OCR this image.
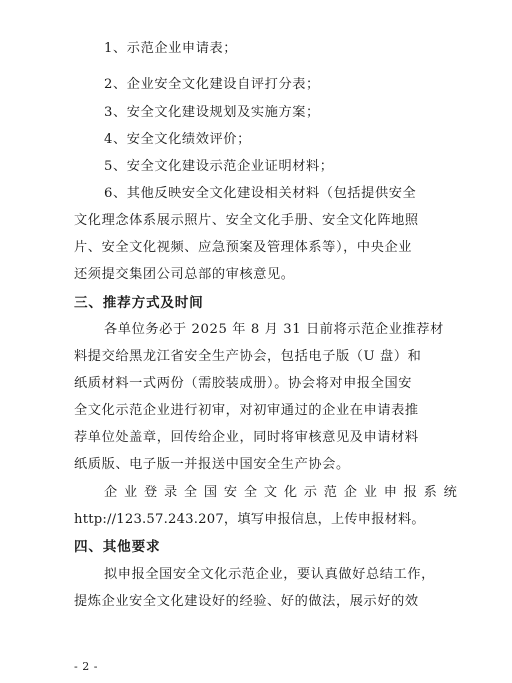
1、示范企业申请表；
2、企业安全文化建设自评打分表；
3、安全文化建设规划及实施方案；
4、安全文化绩效评价；
5、安全文化建设示范企业证明材料；
6、其他反映安全文化建设相关材料（包括提供安全
文化理念体系展示照片、安全文化手册、安全文化阵地照
片、安全文化视频、应急预案及管理体系等），中央企业
还须提交集团公司总部的审核意见。
三、推荐方式及时间
各单位务必于 2025 年 8 月 31 日前将示范企业推荐材
料提交给黑龙江省安全生产协会，包括电子版（U 盘）和
纸质材料一式两份（需胶装成册）。协会将对申报全国安
全文化示范企业进行初审，对初审通过的企业在申请表推
荐单位处盖章，回传给企业，同时将审核意见及申请材料
纸质版、电子版一并报送中国安全生产协会。
企 业 登 录 全 国 安 全 文 化 示 范 企 业 申 报 系 统
http://123.57.243.207，填写申报信息，上传申报材料。
四、其他要求
拟申报全国安全文化示范企业，要认真做好总结工作，
提炼企业安全文化建设好的经验、好的做法，展示好的效
- 2 -
